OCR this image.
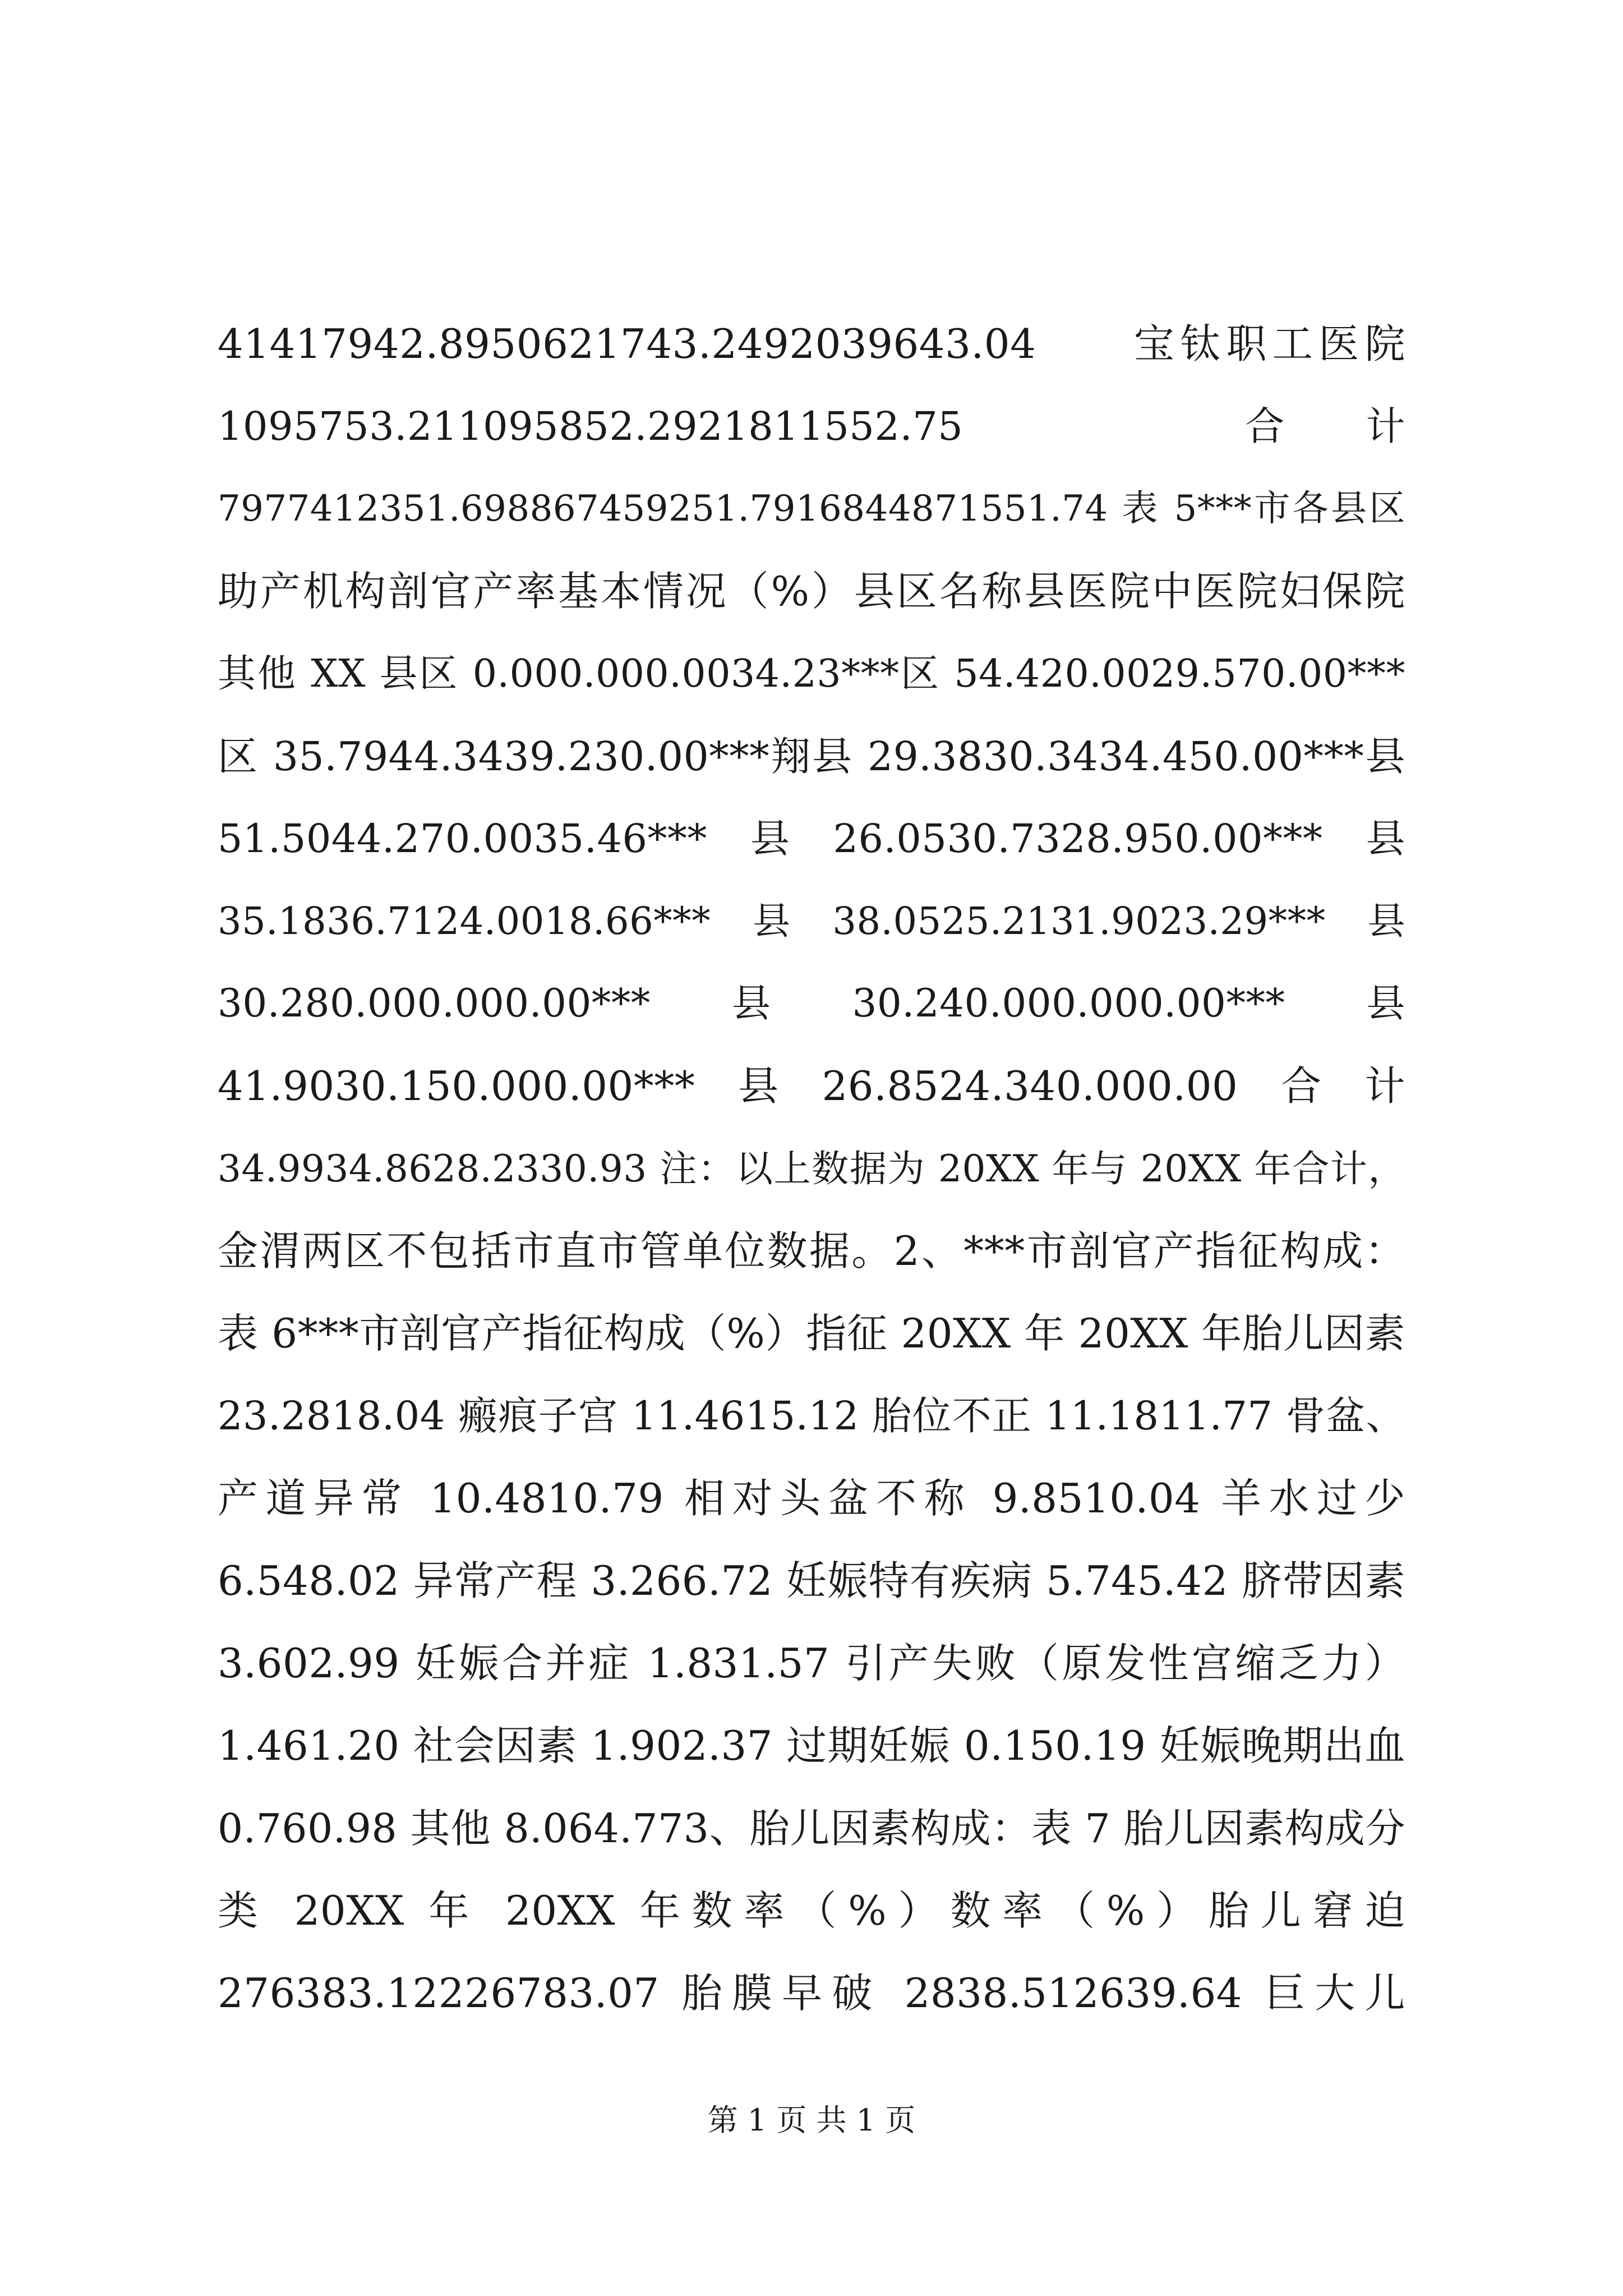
41417942.8950621743.2492039643.04　　宝钛职工医院
1095753.211095852.2921811552.75　　　　　　　合　　计
7977412351.698867459251.7916844871551.74 表 5***市各县区
助产机构剖官产率基本情况（%）县区名称县医院中医院妇保院
其他 XX 县区 0.000.000.0034.23***区 54.420.0029.570.00***
区 35.7944.3439.230.00***翔县 29.3830.3434.450.00***县
51.5044.270.0035.46***　县　26.0530.7328.950.00***　县
35.1836.7124.0018.66***　县　38.0525.2131.9023.29***　县
30.280.000.000.00***　　县　　30.240.000.000.00***　　县
41.9030.150.000.00***　县　26.8524.340.000.00　合　计
34.9934.8628.2330.93 注：以上数据为 20XX 年与 20XX 年合计，
金渭两区不包括市直市管单位数据。2、***市剖官产指征构成：
表 6***市剖官产指征构成（%）指征 20XX 年 20XX 年胎儿因素
23.2818.04 瘢痕子宫 11.4615.12 胎位不正 11.1811.77 骨盆、
产道异常 10.4810.79 相对头盆不称 9.8510.04 羊水过少
6.548.02 异常产程 3.266.72 妊娠特有疾病 5.745.42 脐带因素
3.602.99 妊娠合并症 1.831.57 引产失败（原发性宫缩乏力）
1.461.20 社会因素 1.902.37 过期妊娠 0.150.19 妊娠晚期出血
0.760.98 其他 8.064.773、胎儿因素构成：表 7 胎儿因素构成分
类 20XX 年 20XX 年数率（%）数率（%）胎儿窘迫
276383.12226783.07 胎膜早破 2838.512639.64 巨大儿
第 1 页 共 1 页
